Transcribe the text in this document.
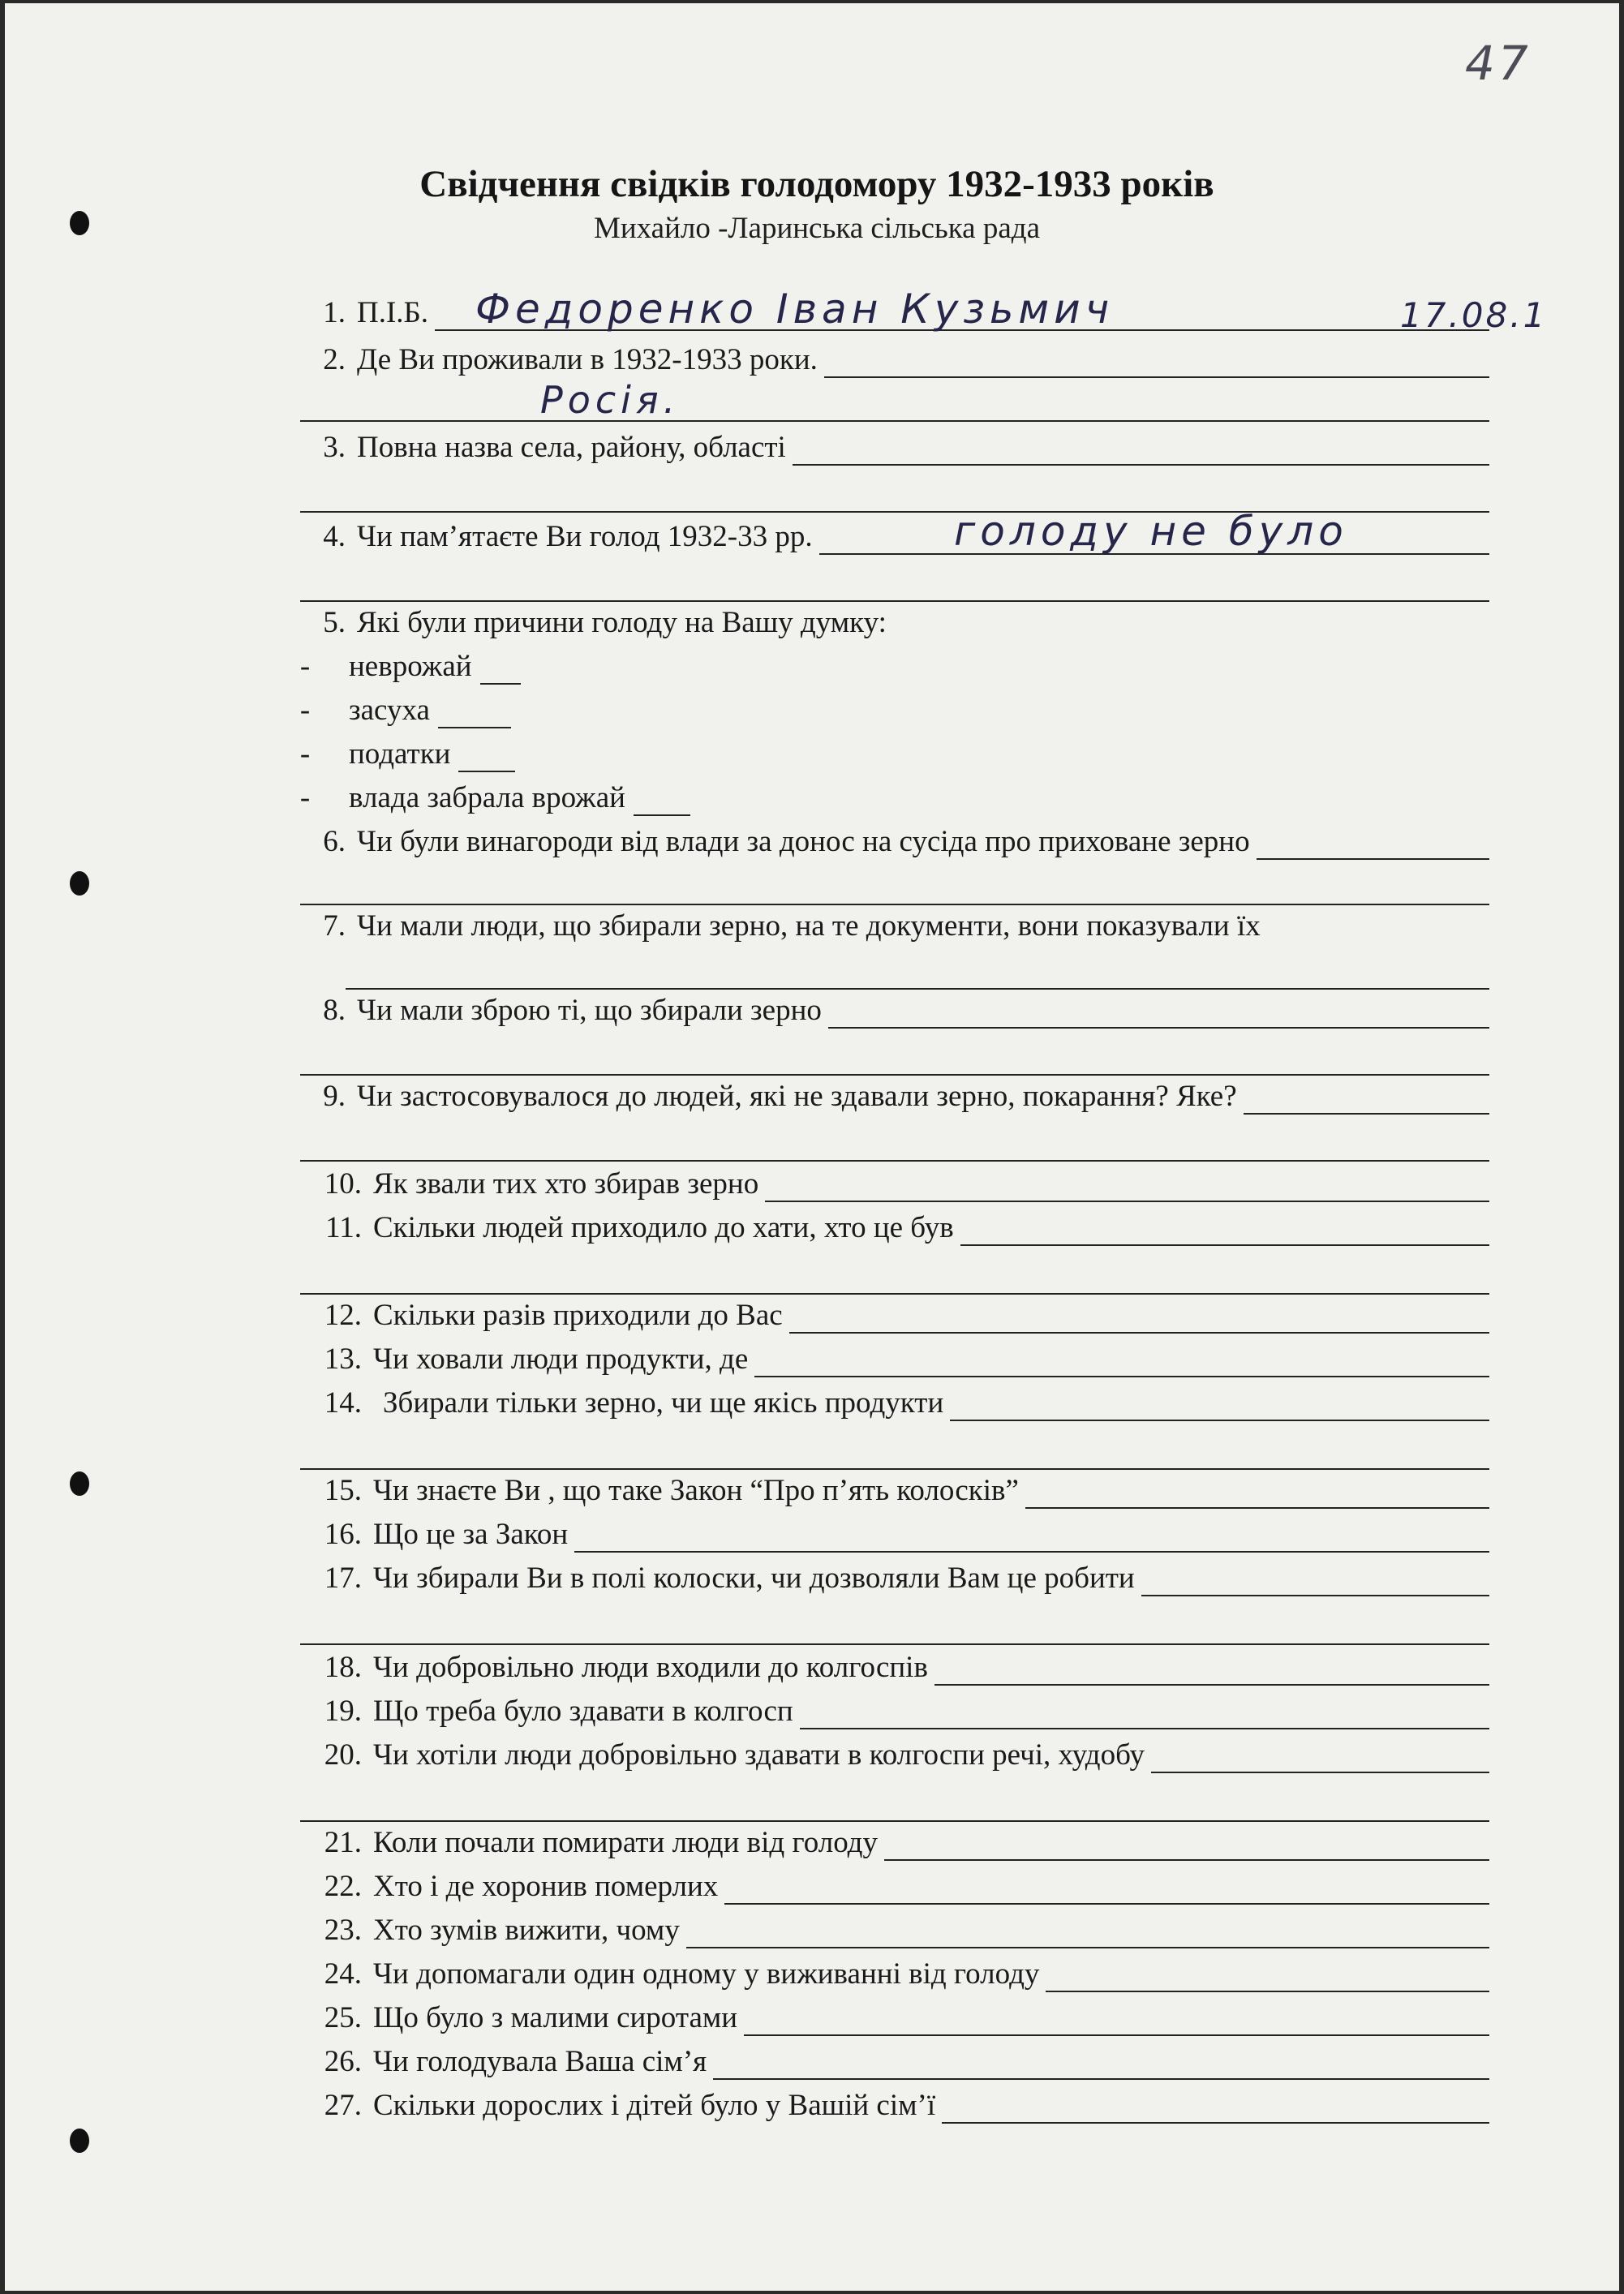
47
Свідчення свідків голодомору 1932-1933 років
Михайло -Ларинська сільська рада
1. П.І.Б. Федоренко Іван Кузьмич	17.08.1
2. Де Ви проживали в 1932-1933 роки.
Росія.
3. Повна назва села, району, області
4. Чи пам’ятаєте Ви голод 1932-33 рр.	голоду не було
5. Які були причини голоду на Вашу думку:
-	неврожай
-	засуха
-	податки
-	влада забрала врожай
6. Чи були винагороди від влади за донос на сусіда про приховане зерно
7. Чи мали люди, що збирали зерно, на те документи, вони показували їх
8. Чи мали зброю ті, що збирали зерно
9. Чи застосовувалося до людей, які не здавали зерно, покарання? Яке?
10. Як звали тих хто збирав зерно
11. Скільки людей приходило до хати, хто це був
12. Скільки разів приходили до Вас
13. Чи ховали люди продукти, де
14. Збирали тільки зерно, чи ще якісь продукти
15. Чи знаєте Ви , що таке Закон “Про п’ять колосків”
16. Що це за Закон
17. Чи збирали Ви в полі колоски, чи дозволяли Вам це робити
18. Чи добровільно люди входили до колгоспів
19. Що треба було здавати в колгосп
20. Чи хотіли люди добровільно здавати в колгоспи речі, худобу
21. Коли почали помирати люди від голоду
22. Хто і де хоронив померлих
23. Хто зумів вижити, чому
24. Чи допомагали один одному у виживанні від голоду
25. Що було з малими сиротами
26. Чи голодувала Ваша сім’я
27. Скільки дорослих і дітей було у Вашій сім’ї
